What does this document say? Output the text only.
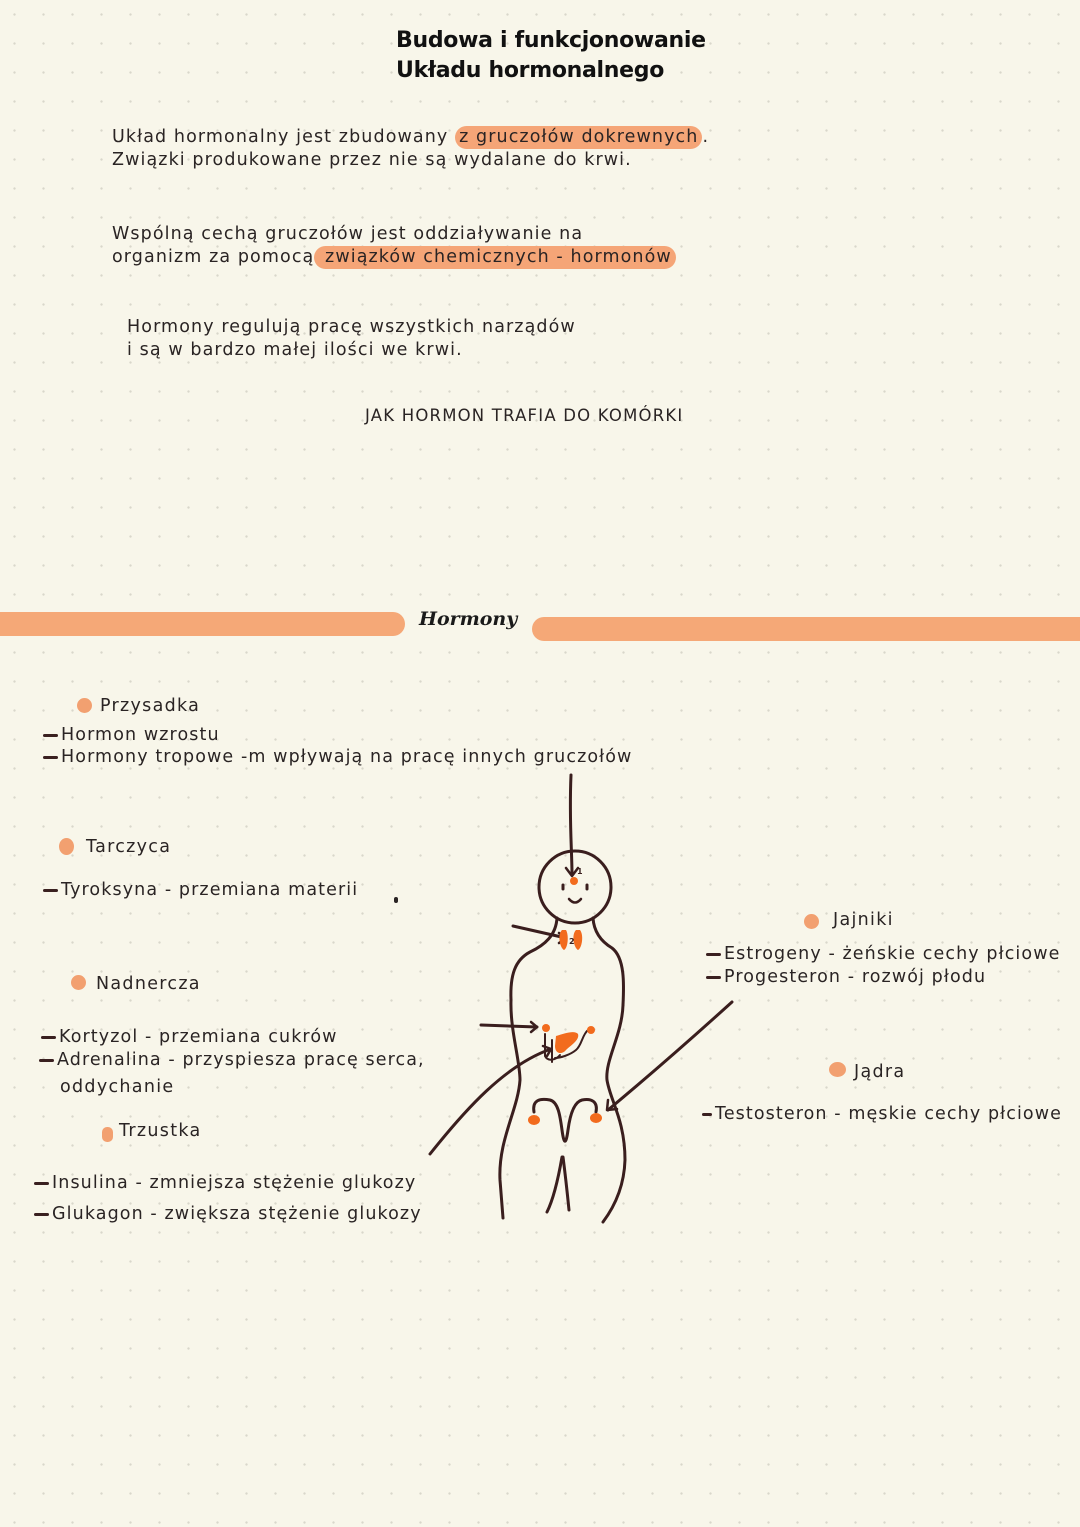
Budowa i funkcjonowanie
Układu hormonalnego
Układ hormonalny jest zbudowany z gruczołów dokrewnych .
Związki produkowane przez nie są wydalane do krwi.
Wspólną cechą gruczołów jest oddziaływanie na
organizm za pomocą związków chemicznych - hormonów
Hormony regulują pracę wszystkich narządów
i są w bardzo małej ilości we krwi.
JAK HORMON TRAFIA DO KOMÓRKI
Hormony
Przysadka
Hormon wzrostu
Hormony tropowe -m wpływają na pracę innych gruczołów
Tarczyca
Tyroksyna - przemiana materii
Nadnercza
Kortyzol - przemiana cukrów
Adrenalina - przyspiesza pracę serca,
oddychanie
Trzustka
Insulina - zmniejsza stężenie glukozy
Glukagon - zwiększa stężenie glukozy
Jajniki
Estrogeny - żeńskie cechy płciowe
Progesteron - rozwój płodu
Jądra
Testosteron - męskie cechy płciowe
1
2
